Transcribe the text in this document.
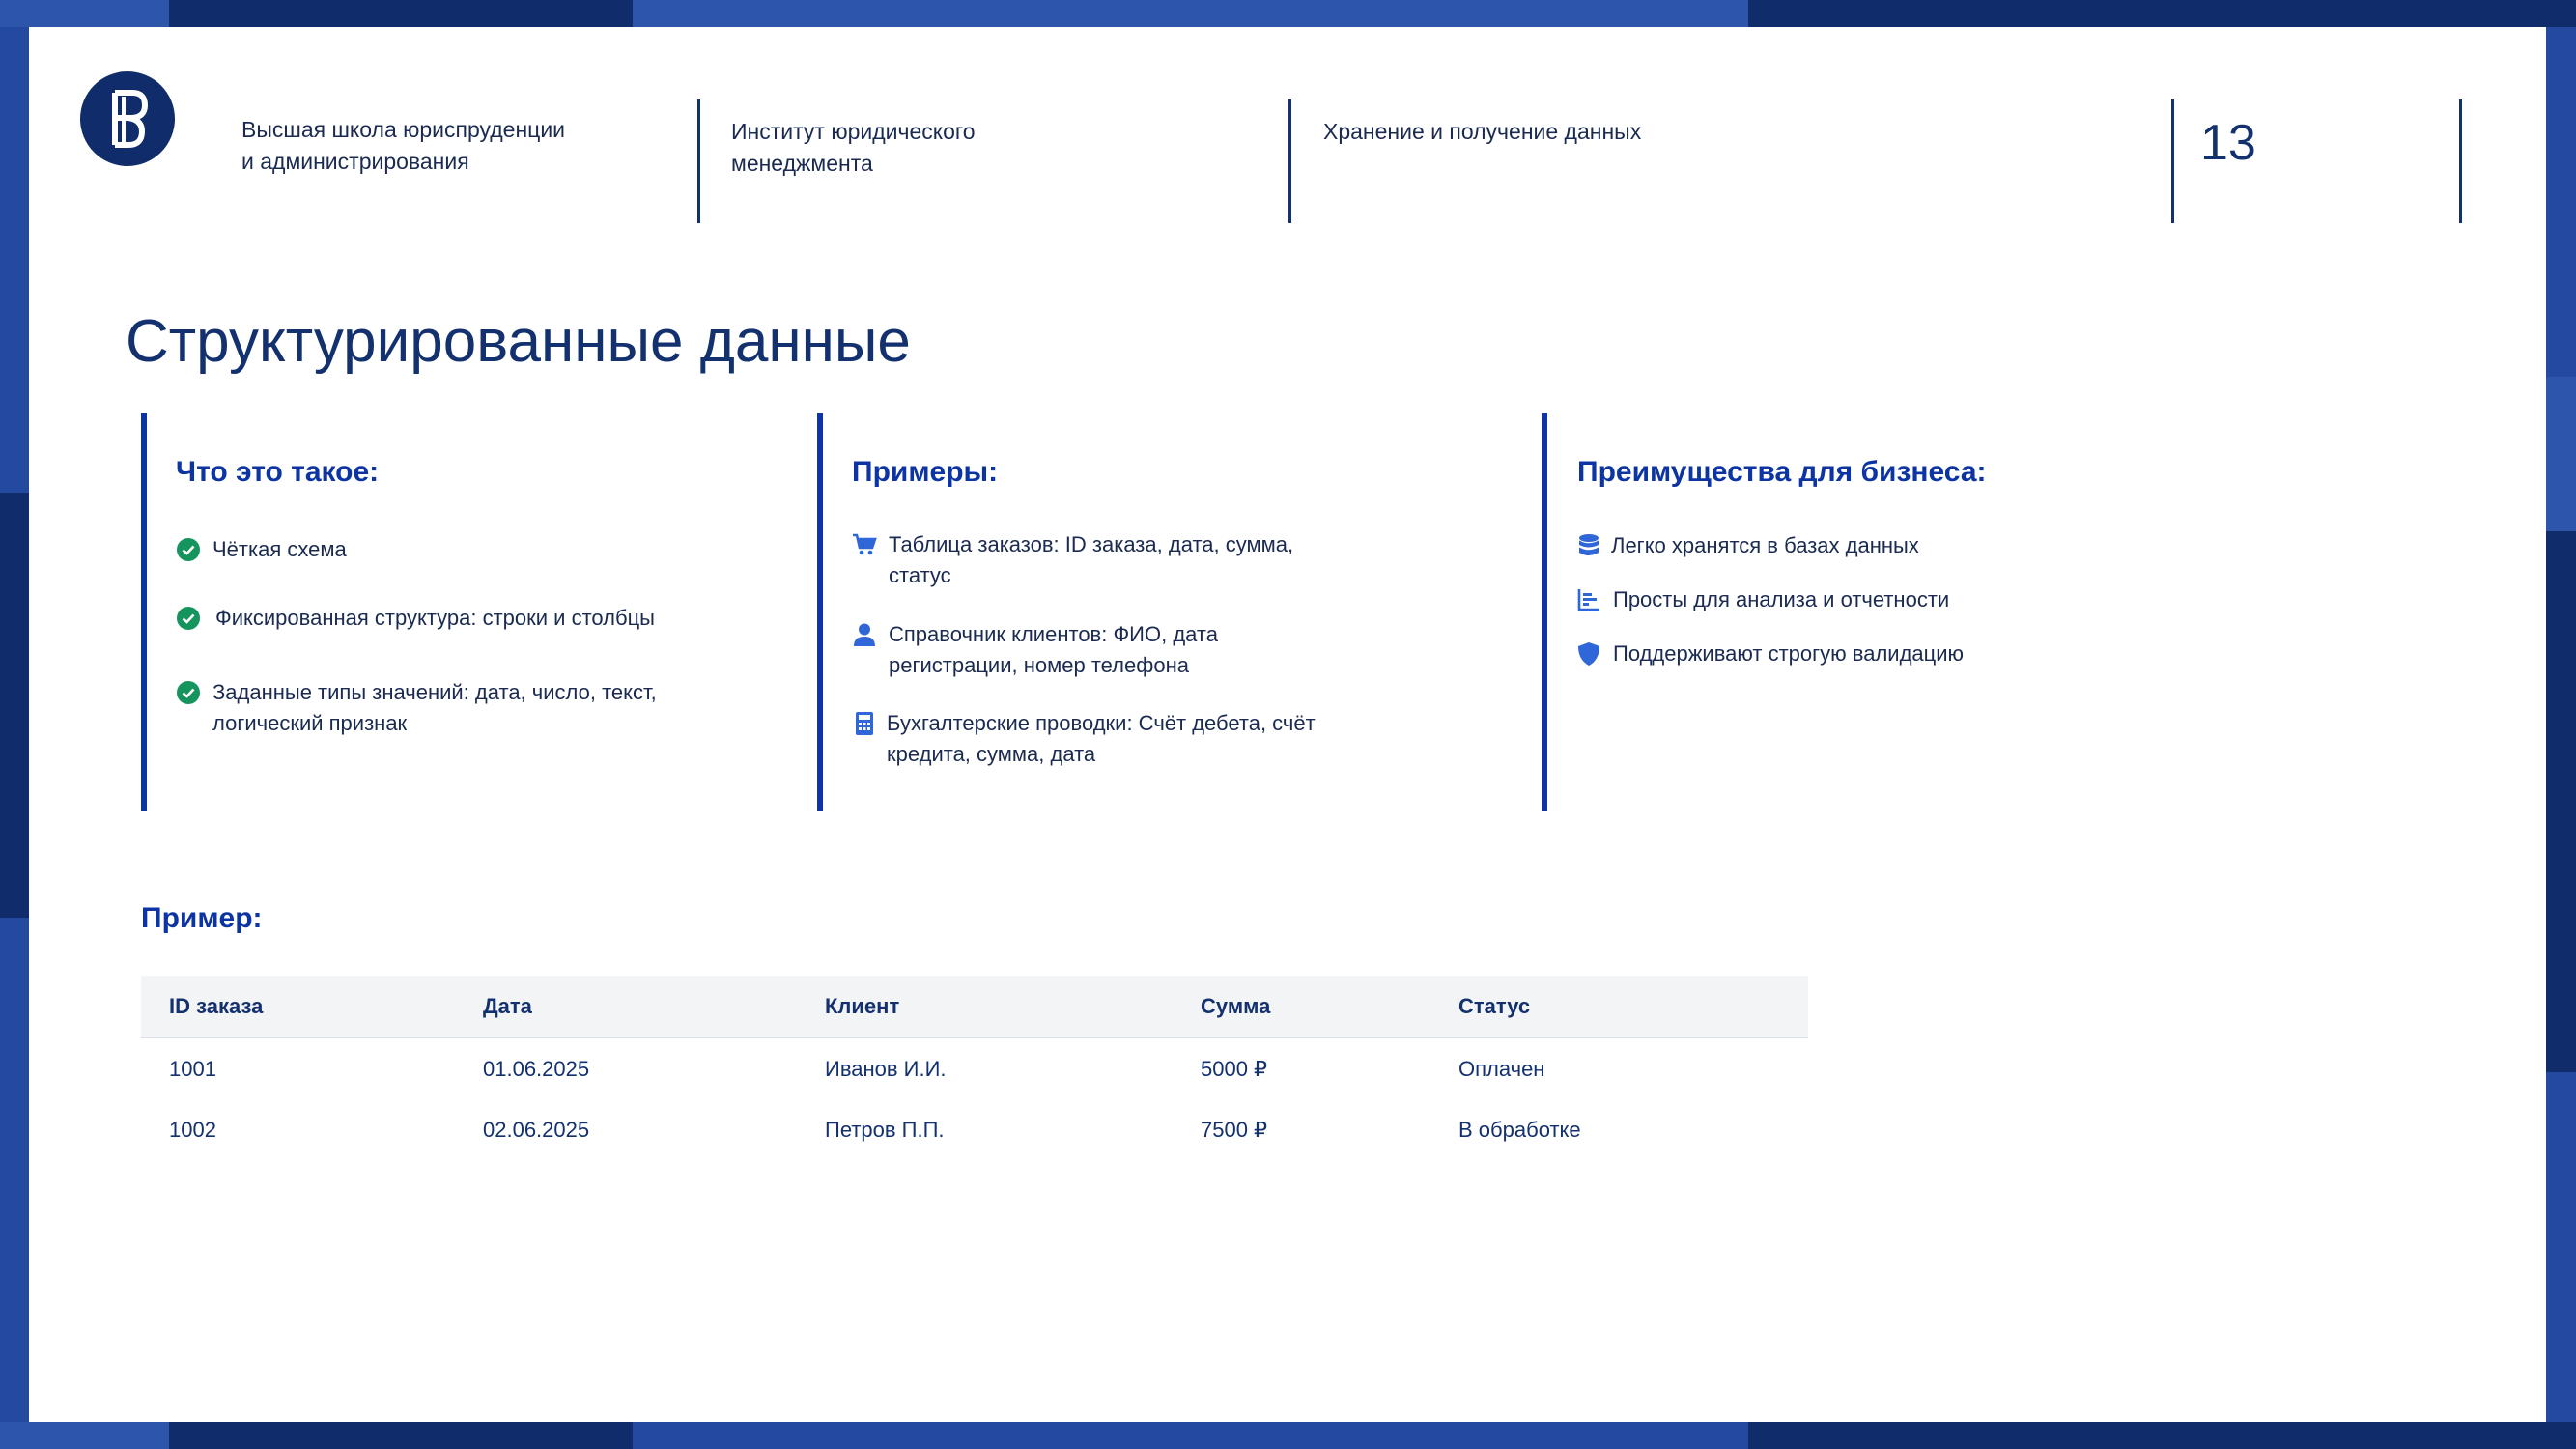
Высшая школа юриспруденции
и администрирования
Институт юридического
менеджмента
Хранение и получение данных	13
Структурированные данные
Что это такое:
Чёткая схема
Фиксированная структура: строки и столбцы
Заданные типы значений: дата, число, текст,
логический признак
Примеры:
Таблица заказов: ID заказа, дата, сумма,
статус
Справочник клиентов: ФИО, дата
регистрации, номер телефона
Бухгалтерские проводки: Счёт дебета, счёт
кредита, сумма, дата
Преимущества для бизнеса:
Легко хранятся в базах данных
Просты для анализа и отчетности
Поддерживают строгую валидацию
Пример:
ID заказа	Дата	Клиент	Сумма	Статус
1001	01.06.2025	Иванов И.И.	5000 ₽	Оплачен
1002	02.06.2025	Петров П.П.	7500 ₽	В обработке
